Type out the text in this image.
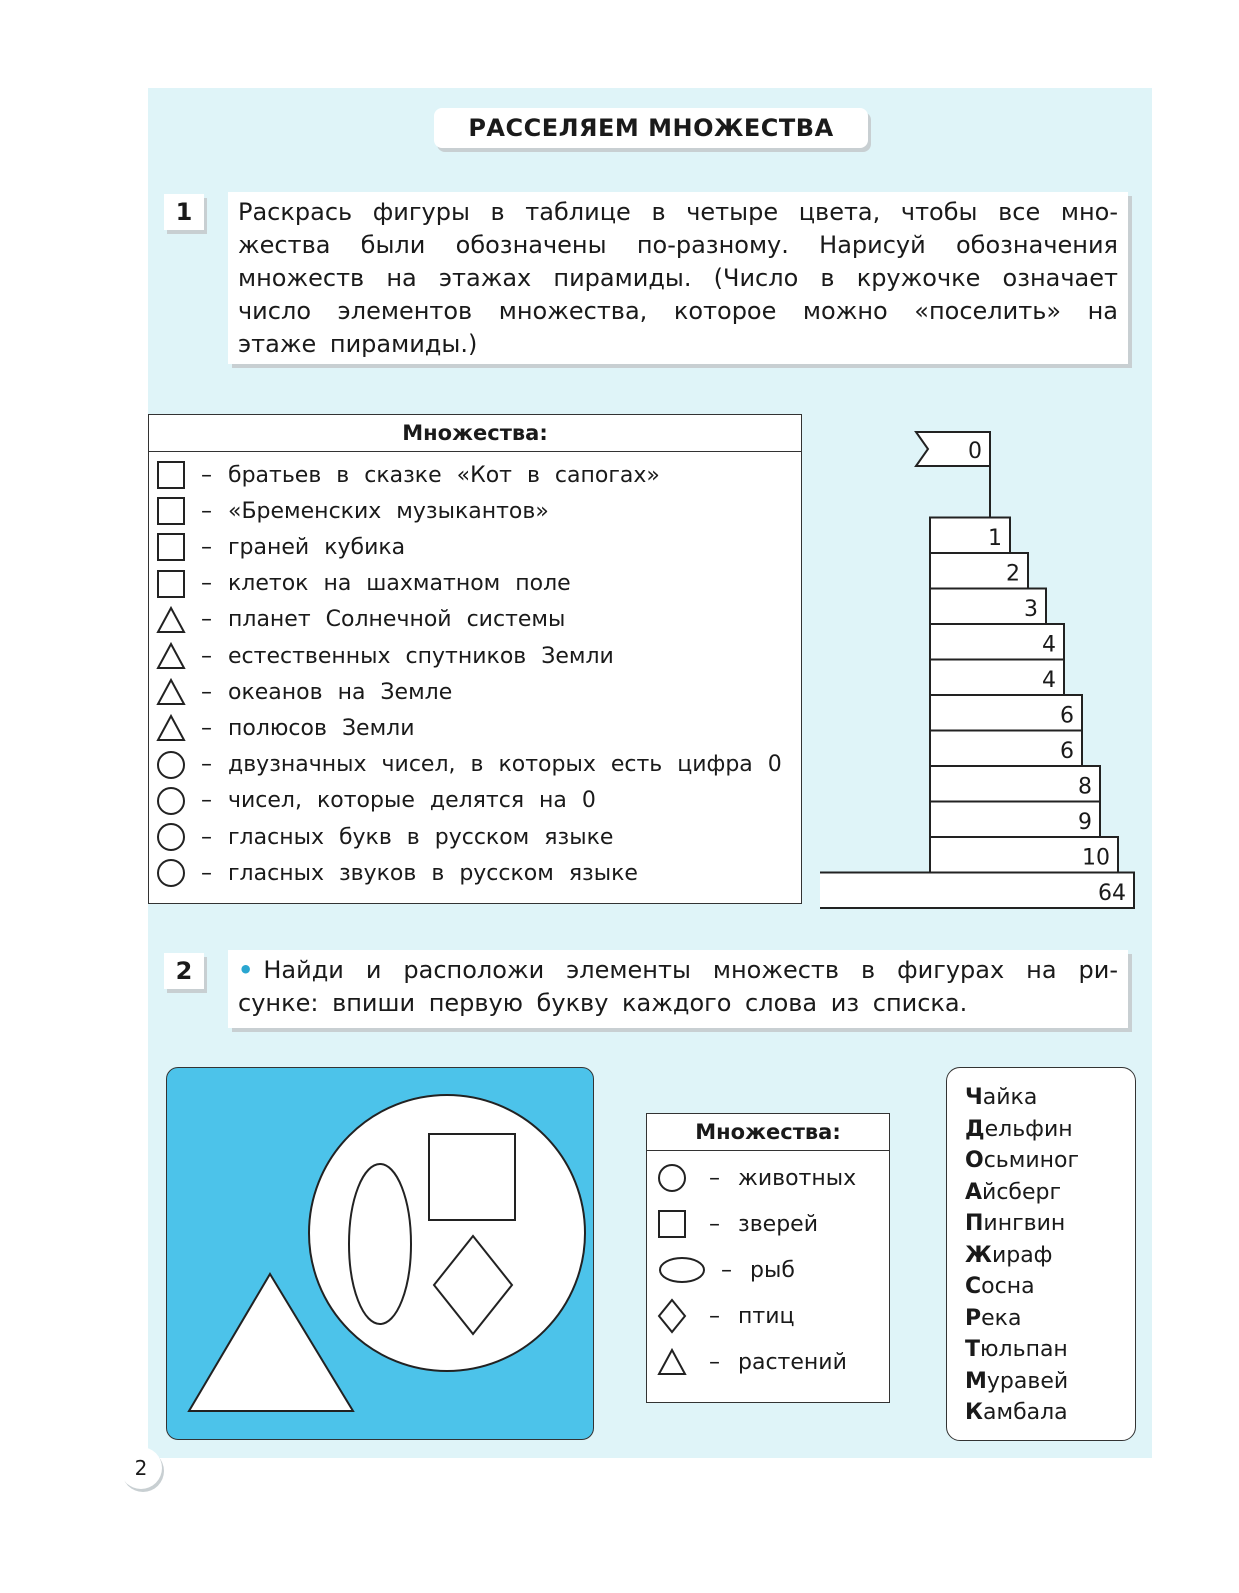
РАССЕЛЯЕМ МНОЖЕСТВА
1	Раскрась фигуры в таблице в четыре цвета, чтобы все мно-
жества были обозначены по-разному. Нарисуй обозначения
множеств на этажах пирамиды. (Число в кружочке означает
число элементов множества, которое можно «поселить» на
этаже пирамиды.)
Множества:
– братьев в сказке «Кот в сапогах»
– «Бременских музыкантов»
– граней кубика
– клеток на шахматном поле
– планет Солнечной системы
– естественных спутников Земли
– океанов на Земле
– полюсов Земли
– двузначных чисел, в которых есть цифра 0
– чисел, которые делятся на 0
– гласных букв в русском языке
– гласных звуков в русском языке
1
2
3
4
4
6
6
8
9
10
64
0
2	• Найди и расположи элементы множеств в фигурах на ри-
сунке: впиши первую букву каждого слова из списка.
Множества:
– животных
– зверей
– рыб
– птиц
– растений
Чайка
Дельфин
Осьминог
Айсберг
Пингвин
Жираф
Сосна
Река
Тюльпан
Муравей
Камбала
2
